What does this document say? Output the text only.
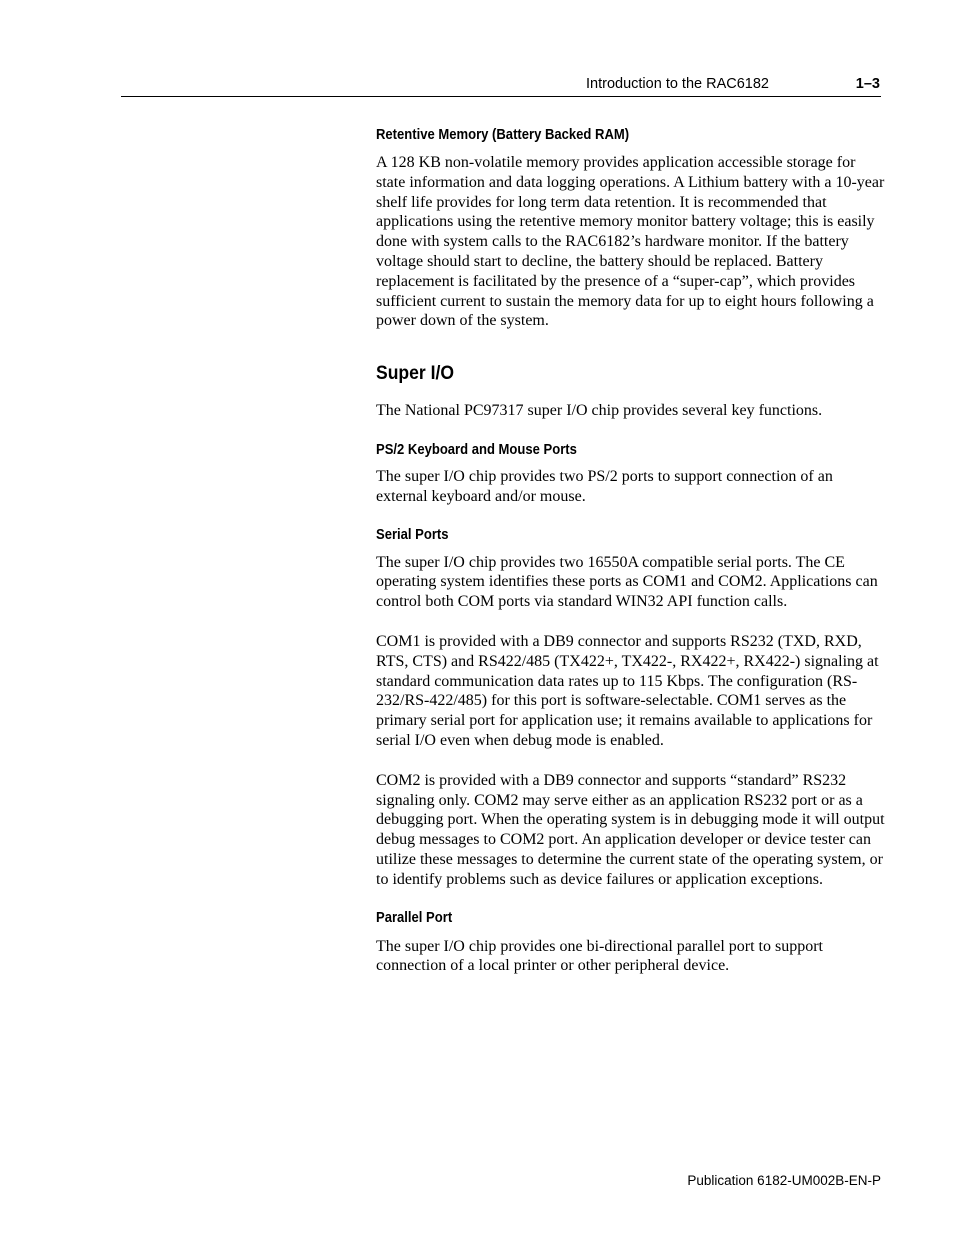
Introduction to the RAC6182	1–3
Retentive Memory (Battery Backed RAM)

A 128 KB non-volatile memory provides application accessible storage for state information and data logging operations. A Lithium battery with a 10-year shelf life provides for long term data retention. It is recommended that applications using the retentive memory monitor battery voltage; this is easily done with system calls to the RAC6182’s hardware monitor. If the battery voltage should start to decline, the battery should be replaced. Battery replacement is facilitated by the presence of a “super-cap”, which provides sufficient current to sustain the memory data for up to eight hours following a power down of the system.

Super I/O

The National PC97317 super I/O chip provides several key functions.

PS/2 Keyboard and Mouse Ports

The super I/O chip provides two PS/2 ports to support connection of an external keyboard and/or mouse.

Serial Ports

The super I/O chip provides two 16550A compatible serial ports. The CE operating system identifies these ports as COM1 and COM2. Applications can control both COM ports via standard WIN32 API function calls.

COM1 is provided with a DB9 connector and supports RS232 (TXD, RXD, RTS, CTS) and RS422/485 (TX422+, TX422-, RX422+, RX422-) signaling at standard communication data rates up to 115 Kbps. The configuration (RS-232/RS-422/485) for this port is software-selectable. COM1 serves as the primary serial port for application use; it remains available to applications for serial I/O even when debug mode is enabled.

COM2 is provided with a DB9 connector and supports “standard” RS232 signaling only. COM2 may serve either as an application RS232 port or as a debugging port. When the operating system is in debugging mode it will output debug messages to COM2 port. An application developer or device tester can utilize these messages to determine the current state of the operating system, or to identify problems such as device failures or application exceptions.

Parallel Port

The super I/O chip provides one bi-directional parallel port to support connection of a local printer or other peripheral device.

Publication 6182-UM002B-EN-P
